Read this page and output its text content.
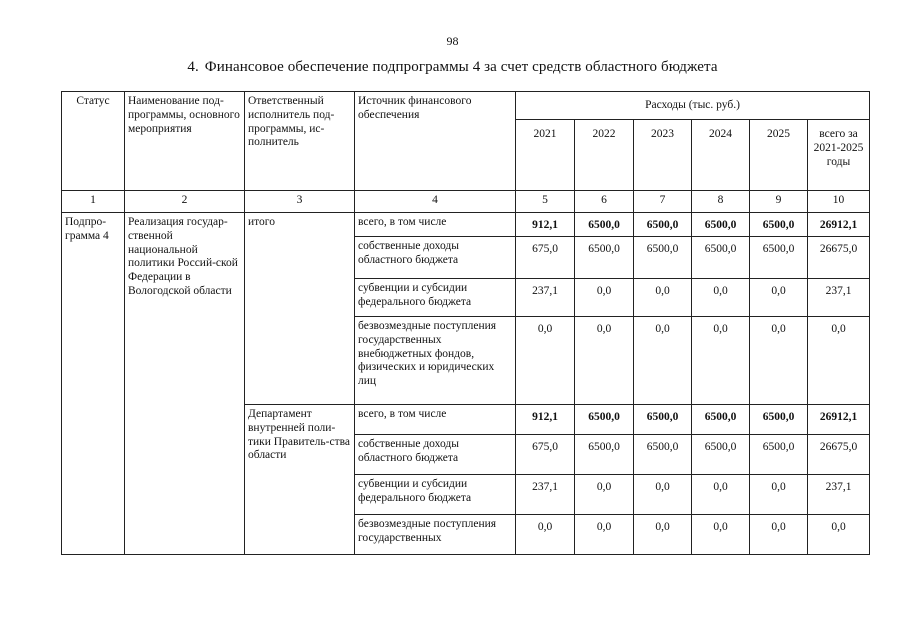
98
4. Финансовое обеспечение подпрограммы 4 за счет средств областного бюджета
Статус	Наименование под-программы, основного мероприятия	Ответственный исполнитель под-программы, ис-полнитель	Источник финансового обеспечения	Расходы (тыс. руб.)					
				2021	2022	2023	2024	2025	всего за 2021-2025 годы
1	2	3	4	5	6	7	8	9	10
Подпро-грамма 4	Реализация государ-ственной национальной политики Россий-ской Федерации в Вологодской области	итого	всего, в том числе	912,1	6500,0	6500,0	6500,0	6500,0	26912,1
			собственные доходы областного бюджета	675,0	6500,0	6500,0	6500,0	6500,0	26675,0
			субвенции и субсидии федерального бюджета	237,1	0,0	0,0	0,0	0,0	237,1
			безвозмездные поступления государственных внебюджетных фондов, физических и юридических лиц	0,0	0,0	0,0	0,0	0,0	0,0
		Департамент внутренней поли-тики Правитель-ства области	всего, в том числе	912,1	6500,0	6500,0	6500,0	6500,0	26912,1
			собственные доходы областного бюджета	675,0	6500,0	6500,0	6500,0	6500,0	26675,0
			субвенции и субсидии федерального бюджета	237,1	0,0	0,0	0,0	0,0	237,1
			безвозмездные поступления государственных	0,0	0,0	0,0	0,0	0,0	0,0
